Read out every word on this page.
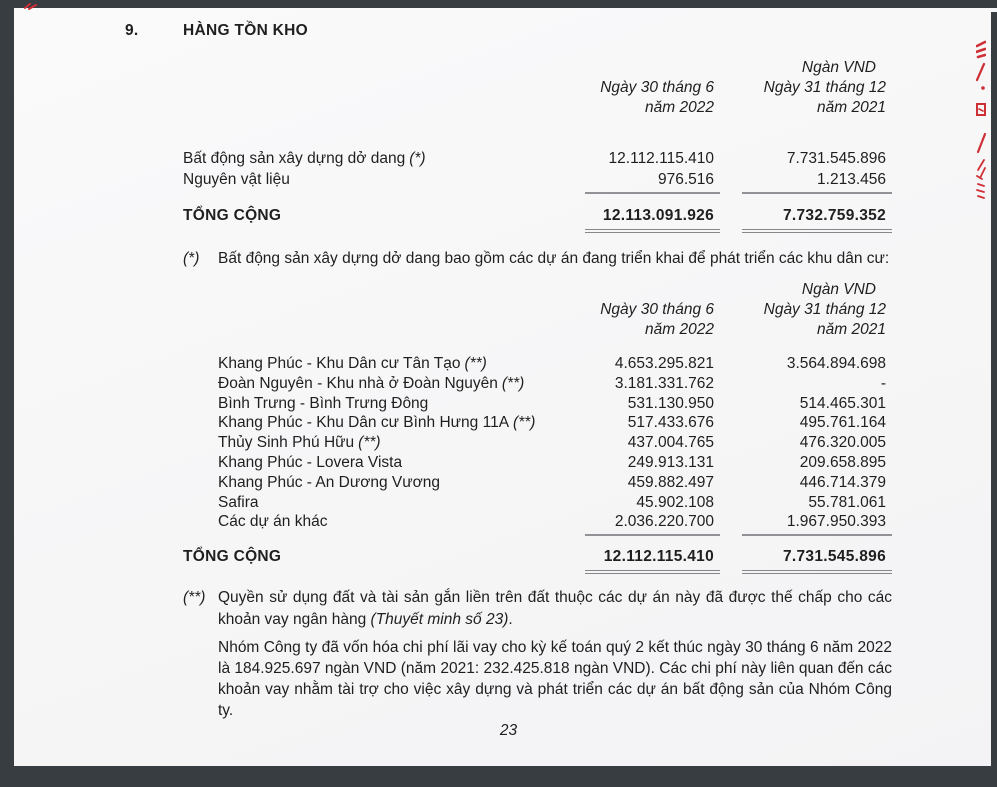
9.	HÀNG TỒN KHO
Ngàn VND
Ngày 30 tháng 6	Ngày 31 tháng 12
năm 2022	năm 2021
Bất động sản xây dựng dở dang (*)	12.112.115.410	7.731.545.896
Nguyên vật liệu	976.516	1.213.456
TỔNG CỘNG	12.113.091.926	7.732.759.352
(*)	Bất động sản xây dựng dở dang bao gồm các dự án đang triển khai để phát triển các khu dân cư:
Ngàn VND
Ngày 30 tháng 6	Ngày 31 tháng 12
năm 2022	năm 2021
Khang Phúc - Khu Dân cư Tân Tạo (**)	4.653.295.821	3.564.894.698
Đoàn Nguyên - Khu nhà ở Đoàn Nguyên (**)	3.181.331.762	-
Bình Trưng - Bình Trưng Đông	531.130.950	514.465.301
Khang Phúc - Khu Dân cư Bình Hưng 11A (**)	517.433.676	495.761.164
Thủy Sinh Phú Hữu (**)	437.004.765	476.320.005
Khang Phúc - Lovera Vista	249.913.131	209.658.895
Khang Phúc - An Dương Vương	459.882.497	446.714.379
Safira	45.902.108	55.781.061
Các dự án khác	2.036.220.700	1.967.950.393
TỔNG CỘNG	12.112.115.410	7.731.545.896
(**) Quyền sử dụng đất và tài sản gắn liền trên đất thuộc các dự án này đã được thế chấp cho các khoản vay ngân hàng (Thuyết minh số 23).
Nhóm Công ty đã vốn hóa chi phí lãi vay cho kỳ kế toán quý 2 kết thúc ngày 30 tháng 6 năm 2022 là 184.925.697 ngàn VND (năm 2021: 232.425.818 ngàn VND). Các chi phí này liên quan đến các khoản vay nhằm tài trợ cho việc xây dựng và phát triển các dự án bất động sản của Nhóm Công ty.
23
